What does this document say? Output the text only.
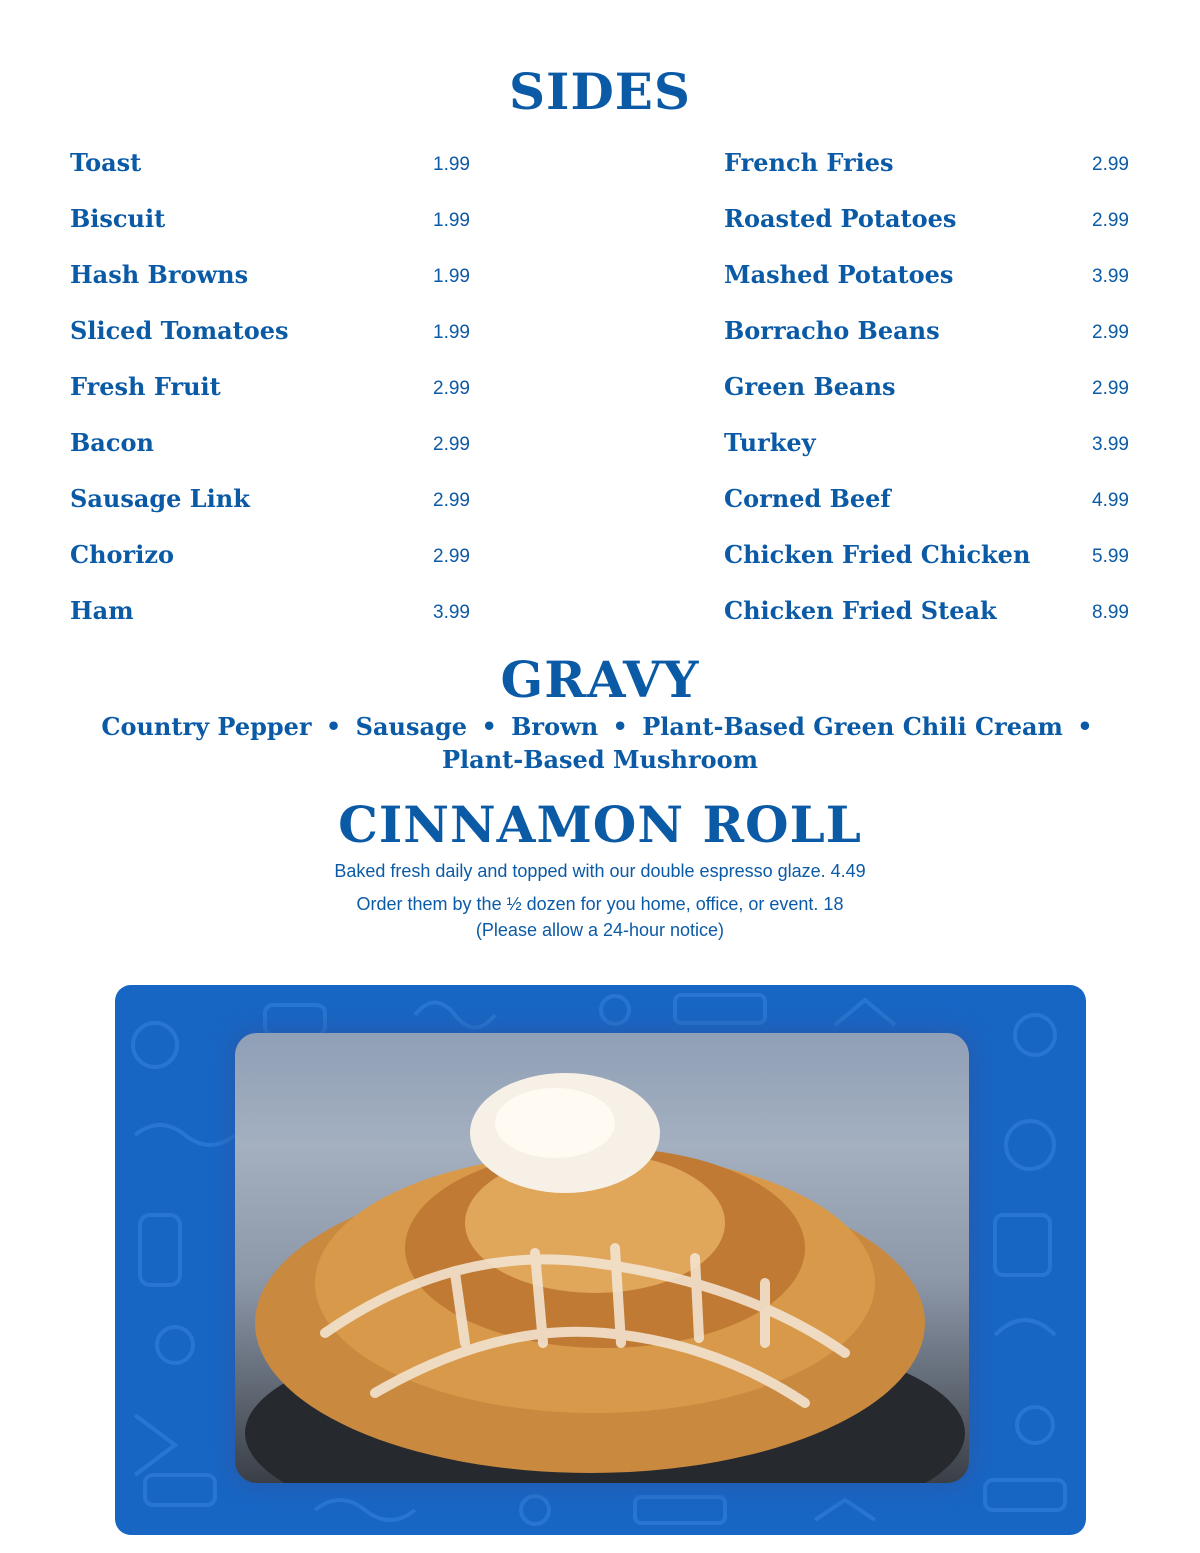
SIDES
Toast	1.99
Biscuit	1.99
Hash Browns	1.99
Sliced Tomatoes	1.99
Fresh Fruit	2.99
Bacon	2.99
Sausage Link	2.99
Chorizo	2.99
Ham	3.99
French Fries	2.99
Roasted Potatoes	2.99
Mashed Potatoes	3.99
Borracho Beans	2.99
Green Beans	2.99
Turkey	3.99
Corned Beef	4.99
Chicken Fried Chicken	5.99
Chicken Fried Steak	8.99
GRAVY
Country Pepper • Sausage • Brown • Plant-Based Green Chili Cream •
Plant-Based Mushroom
CINNAMON ROLL
Baked fresh daily and topped with our double espresso glaze. 4.49
Order them by the ½ dozen for you home, office, or event. 18
(Please allow a 24-hour notice)
